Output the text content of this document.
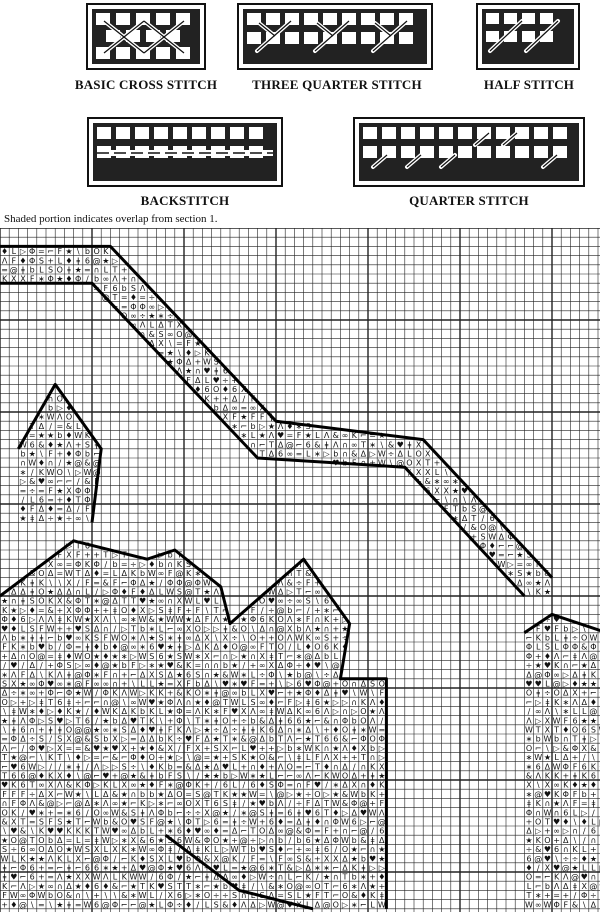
BASIC CROSS STITCH	THREE QUARTER STITCH	HALF STITCH
BACKSTITCH	QUARTER STITCH
Shaded portion indicates overlap from section 1.
♦ L ▷ Φ = ⌐ F ★ \ b O K
Λ F ♦ Φ S + L ♦ ǂ 6 @ ★ ▷
= @ ǂ b L S O ǂ ★ = ∩ L T +
K X X F ∗ Φ ★ ♦ Φ ∕ b ∞ Λ + ∩
= F 6 b S Λ
@ T = ♦ = ÷
= = Φ Φ ∞ ▷
O ∞ ÷ ★ ∗ ÷
∞ Λ L Δ T X
∩ & S ∞ O @
Δ X \ = F ★
= ★ \ ♦ ▷ K
★ Φ Δ + W S
Λ ★ ∩ ♥ ǂ 6
F Δ L ♥ ÷ +
♦ 6 O ♦ 6 X
∩ O	K + + Δ ∕ F
b ▷ ♦	b Δ ∞ = ∞ X
∗ W Λ O	X F ★ F F ǂ
T Δ ∕ = & L	∗ ⌐ b ▷ ★ Λ ♦ ∗ S
= ★ ★ b ♦ W K	∗ L ★ Λ ♥ = F ★ L Λ & ∞ K ⌐ = ★
W 6 & ♦ ★ Λ + S ǂ	∩ ⌐ T Δ @ ⌐ 6 & ǂ Λ ∩ ∞ T ∗ \ & ♥ ǂ X
b ★ \ F + ♦ Φ b ⌐	T Δ 6 ∞ = L ∗ ▷ b ∩ & Δ ▷ W ÷ Δ L O X
∩ W ♦ ∩ ∕ ★ @ & @	♥ b F ∩ + W \ @ O X T +
∗ ∕ K W O \ ▷ W @	∕ X X L \
▷ & ♥ ∞ ⌐ ⌐ ∕ & F	+ & ∗ ∞ ∗
= ÷ = F ★ X Φ Φ	6 X X ★ ♥
∕ L 6 = + ♦ T Φ	⌐ \ ∩ \ Λ
♦ F Δ ♦ = Δ ∕ F	F T b S @
★ ǂ Δ ÷ ★ ÷ ∞ \	∗ Δ T ∕ 6
∕ & O @ \
+ S W Δ Φ
▷ T 6	Φ ♦ ⌐ ⌐ @
F X F + + T ▷ T	▷ b T	♥ = ⌐ ★ S
X ∞ = Φ K Φ ∕ b = ÷ ▷ ♦ b ∩ K S	∩	W ▷ = ∞ F
& O Δ = W T Δ ♦ = L Δ K b W ∞ F @ K ∗	∩ T &	∗ S ★ b &
K ǂ K \ \ X ∕ F = & F ⌐ Φ Δ ★ ∕ Φ Φ @ Φ W	Λ & ÷ F +	Δ ∞ ★ Λ
Δ Δ ǂ O ★ Δ Δ ∩ L ∕ ▷ Φ ♦ F ♦ Δ L W S @ T ★ Λ	W Δ ▷ T ⌐ ∞	\ K ★
★ ∩ ǂ S O K X & Φ T ∗ @ Δ T T ♥ ★ ∞ ∩ X W L ♥ L	O ♥ ∞ ÷ ∞ S \ 6
K ★ ▷ ♦ = & + X Φ Φ + + ǂ O ♦ X ▷ S ǂ F + F \ T ⌐	F ∕ ÷ @ b ⌐ ∕ + ∗ ⌐
Φ ♦ 6 ▷ Λ Λ ǂ K W ★ X Λ \ ∞ ∗ W & ★ W W ★ Δ F Λ ★ ★ Φ 6 K O Λ ∗ F ∩ K + ▷	÷ ♥
♥ ♦ L S F W + + ♥ S Δ ∩ ∕ ▷ T b ∗ L ⌐ ∞ X O ▷ ▷ ǂ & O \ Δ ∩ @ X b Λ ★ ∩ + ★	F ♥ F b ▷ \
Λ b ∗ ǂ ǂ ⌐ b ♥ ∞ K S F W O ∗ Λ ★ S ∗ ǂ ∞ Δ X \ X ÷ \ O + + O Λ W K ∞ S + ÷	⌐ K b L ǂ ÷ O W
F K ∗ b ♥ b ∕ Φ = ǂ ♦ b ♦ @ ∞ ∗ 6 ♥ ★ ǂ ▷ Δ K Δ ♦ O @ ∞ F T O ∕ L ♦ O 6 K ♦	Φ L S L Φ Φ & Φ
+ Δ ∩ O @ = ǂ ♦ W O ★ ♦ ★ ∗ ▷ W S 6 ★ S W ∗ X ⌐ ∩ ▷ ★ ∩ X ǂ T ⌐ ∗ @ Δ b L	Φ + ♦ Λ ⌐ ǂ Λ @
∕ ♥ ∕ Δ ∕ + Φ S ▷ ∞ ♦ @ ★ b F ▷ ∗ ★ ♥ & K = ∩ ∩ b ★ ∕ + ∞ X Δ Φ ÷ ♦ ♥ \ @	÷ ★ ♥ K ∩ ⌐ ★ Δ
∗ Λ F Δ \ K Λ ǂ @ Φ ∗ F ∩ + ⌐ Δ X S Δ ★ 6 S ∩ ★ & W ∗ L ÷ Φ \ ★ b @ \ ÷ Δ	Δ @ Φ ∞ ▷ Δ ǂ K
S X ★ ∞ Φ ♥ ∞ ∗ @ F ∞ ∞ ∩ + \ L L ★ = X F b Δ \ ♥ ∗ ♥ F = + \ ▷ 6 ♥ Φ @ + O ∩ Δ S O	♥ ♥ L @ ▷ ♦ ★ ★
Δ ÷ ∗ ∞ + Φ ⌐ Φ ★ W ∕ Φ K Λ W ▷ K K + & K O ∗ ǂ @ ∞ b L X ♥ ⌐ + ★ Φ ♦ Δ ǂ ♥ \ W \ F	O ǂ ÷ O Δ X + ⌐
O ▷ + ▷ ǂ T 6 ǂ ÷ ⌐ ⌐ ∩ @ \ ∞ W ♥ ★ Φ Λ ∩ ★ ♦ @ T W L S ∞ ♦ ⌐ F ▷ ǂ 6 ★ ▷ ▷ ∩ K Λ ♦	⌐ ▷ ǂ K ∗ Λ Δ ♦
\ ǂ W ∗ ♦ ▷ ♦ K ★ ∕ ♦ W K Δ K b K L ★ Φ = Λ K ∗ F ♥ X Λ ∞ ǂ W Δ K ∞ 6 Λ ▷ ∩ ▷ O ★ Λ	∕ ∞ Λ \ ∗ L L @
★ ǂ Λ Φ ▷ S ♥ ▷ T 6 ∕ ★ b Δ ♥ T K \ + Φ \ T ∗ ǂ O + ÷ b & Δ ǂ 6 6 ★ ⌐ & ∩ Φ b O Λ ∕	Λ ▷ X W F 6 ★ ★
\ ǂ 6 ∩ + ǂ ǂ O @ @ ★ ∞ ∗ S Δ ♦ ♥ ǂ F K Λ ▷ ★ ÷ Δ ÷ ǂ ǂ K 6 Δ ∩ ∗ Δ \ + ♦ O ǂ ∗ W =	W T X T ♦ O 6 S
= Φ Δ ÷ S ∕ S X @ & S b X ▷ = Δ Δ b K ÷ ♥ F Δ ★ T ∗ & @ Δ b T Λ ⌐ ★ T 6 6 & ⌐ Φ O Φ	∗ b W b ∩ T ǂ ▷
Λ ⌐ ∕ Φ ♥ ▷ X = = & ♥ ★ ♥ X + ★ ♦ & X ∕ F X + S X ⌐ L ♥ + + ▷ b ∗ W K ∩ ★ Λ ♦ X b ▷	O ⌐ \ ▷ & Φ X &
T ★ @ ⌐ \ K T \ ♦ ▷ = ⌐ & ⌐ Φ ♦ O + ★ ▷ \ @ = ★ + S K ★ O & ⌐ \ ǂ L F Λ X + + T ∩ ▷	∗ W ★ L Δ + ∕ \
⌐ ♥ 6 W ▷ ∕ ∕ ∗ ǂ ∕ Λ ▷ ▷ S ÷ \ ♦ K b = & Δ ★ Δ ♥ L + ∩ ♦ + Λ O = ⌐ T ♦ ∩ Δ ∕ ∩ K X	∗ 6 Δ W Φ F 6 K
T 6 6 @ ♦ K X ♦ \ @ ⌐ ♥ + @ ★ & ǂ b F S \ ∕ ★ ★ b ▷ W ∗ ★ L ⌐ ⌐ ∞ Λ ⌐ K W O Δ + ǂ ★	& Λ K K + ǂ K 6
♥ K 6 T ∞ X Λ & K Φ ▷ K L X ∞ ★ ♦ F ∗ @ Φ K + ∕ 6 L ∕ 6 ♦ S Φ = ∩ F ♥ ∕ ∗ Δ X ∩ ♦ K	X \ X ∞ K ♦ ★ ♦
F F F ÷ Δ X ⌐ W ★ \ L Δ & ★ ∩ b b ★ Δ O = S @ T K ★ ★ W = \ @ ▷ ★ ÷ O ▷ ★ & W b K +	∗ @ ♥ K Φ F b +
∩ F Φ Λ & @ ▷ ⌐ @ Δ ∗ Λ ∞ ★ ⌐ K ▷ ∗ ⌐ ∞ O X T 6 S ǂ ∕ ★ ♥ b Λ ∕ ÷ F Δ T W & Φ @ + F	ǂ K ∩ ★ Λ F = ǂ
O K ∕ ♥ ∗ + = ∗ 6 ∕ O ∞ W & S ǂ Λ Φ b ⌐ ÷ ÷ X @ ★ ∕ ∗ @ S ǂ = 6 ǂ ♥ 6 T ♦ ▷ Δ ♥ W Λ	Φ ∩ W ∩ 6 L ▷ ∕
& X T = S F S ★ T ⌐ W b & O ♥ S F @ ★ \ Φ T ▷ 6 = ǂ ÷ W + 6 ♦ = Δ ǂ ♦ ∩ Φ W 6 ▷ ⌐ @	+ O T ♥ ♦ \ ♦ L
\ ♥ & \ K ♥ ♥ K K K T W ♥ ∞ Δ b L + ∗ 6 ♦ ♥ ∞ ♦ = Δ ⌐ T O Δ ∞ @ & Φ = F + ∩ ⌐ @ ∕ 6	Δ ▷ + ∞ ▷ ∩ ∕ 6
★ O @ T O b Δ = L = ǂ W ▷ ∗ X & 6 ★ S 6 W & Φ O ★ + @ ÷ ▷ ∩ b ∕ b 6 ★ Δ Φ W b & ǂ Δ	★ K O + Δ \ ∕ ∩
S ÷ 6 ∞ O Δ O ★ W S X L X K ∗ W ∞ Φ ǂ ∕ Δ ǂ K L ▷ W T b ♥ S ♦ ⌐ + ∞ ǂ 6 ∕ O ★ ⌐ ∩ ★	÷ & ♥ 6 ∩ K L +
W L K ★ ★ Λ K L X ⌐ @ Φ ∕ ⌐ K ♦ S X L ♥ b Φ & X @ K ∕ F = \ F ∞ S & + X X Δ ★ b ♥ ★	6 @ ♥ \ ÷ ÷ ♦ ★
ǂ ⌐ Φ 6 + = ⌐ ǂ ⌐ 6 6 ∗ ★ + Δ ♥ @ Φ ★ ♥ 6 Λ + ♥ L = ★ @ 6 ∗ T & ▷ Δ ∗ ∗ ⌐ Δ K ǂ ▷ ▷	♦ ∕ X ♥ @ ★ L L
ǂ ♥ ⌐ 6 + = Λ ★ X X W Λ L K W W ∕ 6 Φ ∕ ★ ⌐ ǂ Δ Δ ∞ ♦ ▷ W ÷ ∩ L ⌐ K ∕ ★ ∩ T b ∗ + ♦	O = ⌐ K Λ @ ♥ ∩
K ⌐ Λ ▷ ★ ∞ ∩ Δ ★ ♦ 6 ♦ & ⌐ ★ T K ♥ S T T ∗ ⌐ ★ b ♥ ǂ ∕ \ & ∗ O @ ∞ O T ⌐ 6 ∗ Λ ★ +	L ⌐ b Λ Δ ǂ X @
F W ∞ Φ W b O & ∩ \ + \ \ & ∗ W L ∕ X 6 ▷ ∗ O ÷ ÷ S ∩ L S Λ = S L ★ F T ⌐ O & ♦ K ǂ	T ∗ + = + ∕ Φ ÷
+ ♦ @ \ = \ ★ ǂ = W 6 @ Φ ⌐ ⌐ @ ★ L Φ ÷ ♦ ∕ L S & ♦ Λ Δ ▷ W @ ♥ X L Δ @ O ▷ ∗ ⌐ L W	W ∞ W Φ F & \ Δ
